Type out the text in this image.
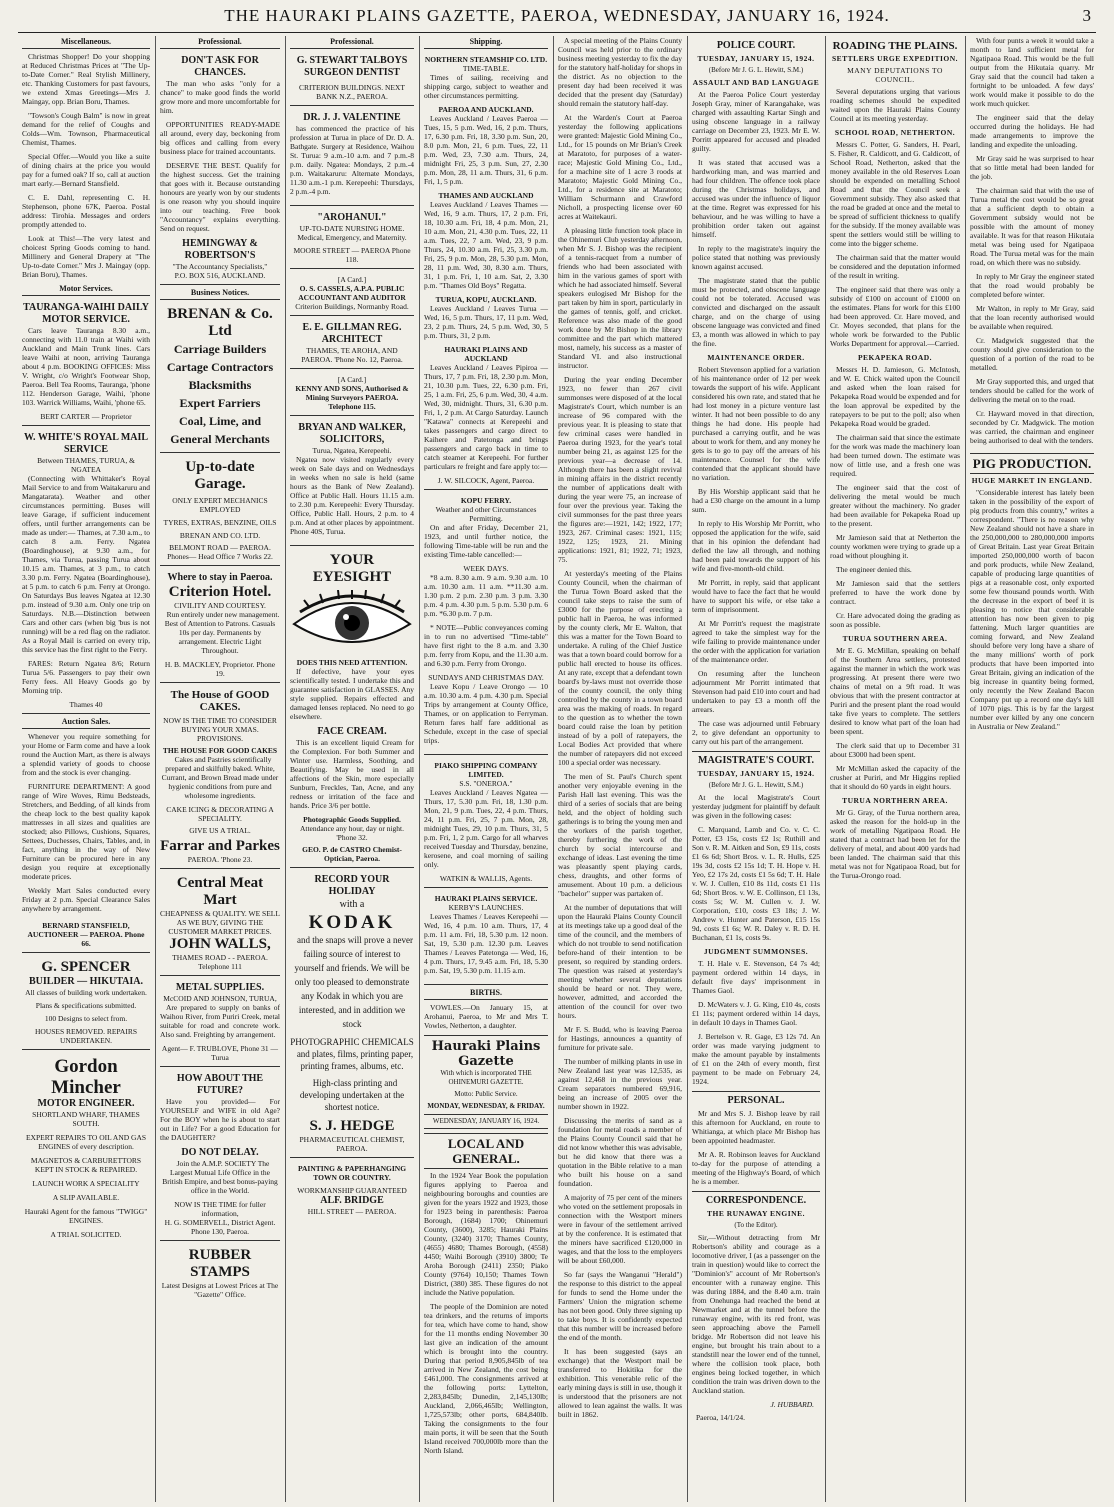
THE HAURAKI PLAINS GAZETTE, PAEROA, WEDNESDAY, JANUARY 16, 1924.	3
Miscellaneous.

Christmas Shopper! Do your shopping at Reduced Christmas Prices at "The Up-to-Date Corner." Real Stylish Millinery, etc. Thanking Customers for past favours, we extend Xmas Greetings—Mrs J. Maingay, opp. Brian Boru, Thames.

"Towson's Cough Balm" is now in great demand for the relief of Coughs and Colds—Wm. Townson, Pharmaceutical Chemist, Thames.

Special Offer.—Would you like a suite of dining chairs at the price you would pay for a fumed oak? If so, call at auction mart early.—Bernard Stansfield.

C. E. Dahl, representing C. H. Stephenson, phone 67K, Paeroa. Postal address: Tirohia. Messages and orders promptly attended to.

Look at This!—The very latest and choicest Spring Goods coming to hand. Millinery and General Drapery at "The Up-to-date Corner." Mrs J. Maingay (opp. Brian Boru), Thames.

Motor Services.
TAURANGA-WAIHI DAILY MOTOR SERVICE.

Cars leave Tauranga 8.30 a.m., connecting with 11.0 train at Waihi with Auckland and Main Trunk lines. Cars leave Waihi at noon, arriving Tauranga about 4 p.m. BOOKING OFFICES: Miss V. Wright, c/o Wright's Footwear Shop, Paeroa. Bell Tea Rooms, Tauranga, 'phone 112. Henderson Garage, Waihi, 'phone 103. Warrick Williams, Waihi, 'phone 65.

BERT CARTER — Proprietor
W. WHITE'S ROYAL MAIL SERVICE
Between THAMES, TURUA, & NGATEA

(Connecting with Whittaker's Royal Mail Service to and from Waitakaruru and Mangatarata). Weather and other circumstances permitting. Buses will leave Garage, if sufficient inducement offers, until further arrangements can be made as under:— Thames, at 7.30 a.m., to catch 8 a.m. Ferry. Ngatea (Boardinghouse), at 9.30 a.m., for Thames, via Turua, passing Turua about 10.15 a.m. Thames, at 3 p.m., to catch 3.30 p.m. Ferry. Ngatea (Boardinghouse), at 5 p.m. to catch 6 p.m. Ferry at Orongo. On Saturdays Bus leaves Ngatea at 12.30 p.m. instead of 9.30 a.m. Only one trip on Saturdays. N.B.—Distinction between Cars and other cars (when big 'bus is not running) will be a red flag on the radiator. As a Royal Mail is carried on every trip, this service has the first right to the Ferry.

FARES: Return Ngatea 8/6; Return Turua 5/6. Passengers to pay their own Ferry fees. All Heavy Goods go by Morning trip.

Thames 40
Auction Sales.

Whenever you require something for your Home or Farm come and have a look round the Auction Mart, as there is always a splendid variety of goods to choose from and the stock is ever changing.

FURNITURE DEPARTMENT: A good range of Wire Woves, Rimu Bedsteads, Stretchers, and Bedding, of all kinds from the cheap lock to the best quality kapok mattresses in all sizes and qualities are stocked; also Pillows, Cushions, Squares, Settees, Duchesses, Chairs, Tables, and, in fact, anything in the way of New Furniture can be procured here in any design you require at exceptionally moderate prices.

Weekly Mart Sales conducted every Friday at 2 p.m. Special Clearance Sales anywhere by arrangement.

BERNARD STANSFIELD, AUCTIONEER — PAEROA. Phone 66.
G. SPENCER
BUILDER — HIKUTAIA.
All classes of building work undertaken.
Plans & specifications submitted.
100 Designs to select from.
HOUSES REMOVED. REPAIRS UNDERTAKEN.
Gordon Mincher
MOTOR ENGINEER.
SHORTLAND WHARF, THAMES SOUTH.
EXPERT REPAIRS TO OIL AND GAS ENGINES of every description.
MAGNETOS & CARBURETTORS KEPT IN STOCK & REPAIRED.
LAUNCH WORK A SPECIALITY
A SLIP AVAILABLE.
Hauraki Agent for the famous "TWIGG" ENGINES.
A TRIAL SOLICITED.
Professional.
DON'T ASK FOR CHANCES.

The man who asks "only for a chance" to make good finds the world grow more and more uncomfortable for him.

OPPORTUNITIES READY-MADE all around, every day, beckoning from big offices and calling from every business place for trained accountants.

DESERVE THE BEST. Qualify for the highest success. Get the training that goes with it. Because outstanding honours are yearly won by our students is one reason why you should inquire into our teaching. Free book "Accountancy" explains everything. Send on request.

HEMINGWAY & ROBERTSON'S
"The Accountancy Specialists,"
P.O. BOX 516, AUCKLAND.
Business Notices.
BRENAN & Co. Ltd
Carriage Builders
Cartage Contractors
Blacksmiths
Expert Farriers
Coal, Lime, and
General Merchants
Up-to-date Garage.
ONLY EXPERT MECHANICS EMPLOYED
TYRES, EXTRAS, BENZINE, OILS
BRENAN AND CO. LTD.
BELMONT ROAD — PAEROA.
Phones— Head Office 7 Works 22.
Where to stay in Paeroa.
Criterion Hotel.
CIVILITY AND COURTESY.

Run entirely under new management. Best of Attention to Patrons. Casuals 10s per day. Permanents by arrangement. Electric Light Throughout.

H. B. MACKLEY, Proprietor. Phone 19.
The House of GOOD CAKES.
NOW IS THE TIME TO CONSIDER BUYING YOUR XMAS. PROVISIONS.
THE HOUSE FOR GOOD CAKES

Cakes and Pastries scientifically prepared and skilfully baked. White, Currant, and Brown Bread made under hygienic conditions from pure and wholesome ingredients.

CAKE ICING & DECORATING A SPECIALITY.
GIVE US A TRIAL.
Farrar and Parkes
PAEROA. 'Phone 23.
Central Meat Mart
CHEAPNESS & QUALITY. WE SELL AS WE BUY, GIVING THE CUSTOMER MARKET PRICES.
JOHN WALLS,
THAMES ROAD - - PAEROA. Telephone 111
METAL SUPPLIES.
McCOID AND JOHNSON, TURUA,

Are prepared to supply on banks of Waihou River, from Puriri Creek, metal suitable for road and concrete work. Also sand. Freighting by arrangement.

Agent— F. TRUBLOVE, Phone 31 — Turua
HOW ABOUT THE FUTURE?

Have you provided— For YOURSELF and WIFE in old Age? For the BOY when he is about to start out in Life? For a good Education for the DAUGHTER?

DO NOT DELAY.

Join the A.M.P. SOCIETY The Largest Mutual Life Office in the British Empire, and best bonus-paying office in the World.

NOW IS THE TIME for fuller information,
H. G. SOMERVELL, District Agent. Phone 130, Paeroa.
RUBBER STAMPS
Latest Designs at Lowest Prices at The "Gazette" Office.
Professional.
G. STEWART TALBOYS SURGEON DENTIST
CRITERION BUILDINGS. NEXT BANK N.Z., PAEROA.
DR. J. J. VALENTINE

has commenced the practice of his profession at Turua in place of Dr. D. A. Bathgate. Surgery at Residence, Waihou St. Turua: 9 a.m.-10 a.m. and 7 p.m.-8 p.m. daily. Ngatea: Mondays, 2 p.m.-4 p.m. Waitakaruru: Alternate Mondays, 11.30 a.m.-1 p.m. Kerepeehi: Thursdays, 2 p.m.-4 p.m.

"AROHANUI."
UP-TO-DATE NURSING HOME. Medical, Emergency, and Maternity.
MOORE STREET — PAEROA Phone 118.
[A Card.]
O. S. CASSELS, A.P.A. PUBLIC ACCOUNTANT AND AUDITOR
Criterion Buildings, Normanby Road.
E. E. GILLMAN REG. ARCHITECT
THAMES, TE AROHA, AND PAEROA. 'Phone No. 12, Paeroa.
[A Card.]
KENNY AND SONS, Authorised & Mining Surveyors PAEROA. Telephone 115.
BRYAN AND WALKER, SOLICITORS,
Turua, Ngatea, Kerepeehi.

Ngatea now visited regularly every week on Sale days and on Wednesdays in weeks when no sale is held (same hours as the Bank of New Zealand). Office at Public Hall. Hours 11.15 a.m. to 2.30 p.m. Kerepeehi: Every Thursday. Office, Public Hall. Hours, 2 p.m. to 4 p.m. And at other places by appointment. Phone 40S, Turua.

YOUR EYESIGHT
DOES THIS NEED ATTENTION.

If defective, have your eyes scientifically tested. I undertake this and guarantee satisfaction in GLASSES. Any style supplied. Repairs effected and damaged lenses replaced. No need to go elsewhere.

FACE CREAM.

This is an excellent liquid Cream for the Complexion. For both Summer and Winter use. Harmless, Soothing, and Beautifying. May be used in all affections of the Skin, more especially Sunburn, Freckles, Tan, Acne, and any redness or irritation of the face and hands. Price 3/6 per bottle.

Photographic Goods Supplied.
Attendance any hour, day or night. 'Phone 32.
GEO. P. de CASTRO Chemist-Optician, Paeroa.
RECORD YOUR HOLIDAY
with a
KODAK

and the snaps will prove a never failing source of interest to yourself and friends. We will be only too pleased to demonstrate any Kodak in which you are interested, and in addition we stock

PHOTOGRAPHIC CHEMICALS

and plates, films, printing paper, printing frames, albums, etc.

High-class printing and developing undertaken at the shortest notice.

S. J. HEDGE
PHARMACEUTICAL CHEMIST, PAEROA.
PAINTING & PAPERHANGING TOWN OR COUNTRY.
WORKMANSHIP GUARANTEED
ALF. BRIDGE
HILL STREET — PAEROA.
Shipping.
NORTHERN STEAMSHIP CO. LTD.
TIME-TABLE.

Times of sailing, receiving and shipping cargo, subject to weather and other circumstances permitting.

PAEROA AND AUCKLAND.

Leaves Auckland / Leaves Paeroa — Tues, 15, 5 p.m. Wed, 16, 2 p.m. Thurs, 17, 6.30 p.m. Fri, 18, 3.30 p.m. Sun, 20, 8.0 p.m. Mon, 21, 6 p.m. Tues, 22, 11 p.m. Wed, 23, 7.30 a.m. Thurs, 24, midnight Fri, 25, 3 p.m. Sun, 27, 2.30 p.m. Mon, 28, 11 a.m. Thurs, 31, 6 p.m. Fri, 1, 5 p.m.

THAMES AND AUCKLAND

Leaves Auckland / Leaves Thames — Wed, 16, 9 a.m. Thurs, 17, 2 p.m. Fri, 18, 10.30 a.m. Fri, 18, 4 p.m. Mon, 21, 10 a.m. Mon, 21, 4.30 p.m. Tues, 22, 11 a.m. Tues, 22, 7 a.m. Wed, 23, 9 p.m. Thurs, 24, 10.30 a.m. Fri, 25, 3.30 p.m. Fri, 25, 9 p.m. Mon, 28, 5.30 p.m. Mon, 28, 11 p.m. Wed, 30, 8.30 a.m. Thurs, 31, 1 p.m. Fri, 1, 10 a.m. Sat, 2, 3.30 p.m. "Thames Old Boys" Regatta.

TURUA, KOPU, AUCKLAND.

Leaves Auckland / Leaves Turua — Wed, 16, 5 p.m. Thurs, 17, 11 p.m. Wed, 23, 2 p.m. Thurs, 24, 5 p.m. Wed, 30, 5 p.m. Thurs, 31, 2 p.m.

HAURAKI PLAINS AND AUCKLAND

Leaves Auckland / Leaves Pipiroa — Thurs, 17, 7 p.m. Fri, 18, 2.30 p.m. Mon, 21, 10.30 p.m. Tues, 22, 6.30 p.m. Fri, 25, 1 a.m. Fri, 25, 6 p.m. Wed, 30, 4 a.m. Wed, 30, midnight. Thurs, 31, 6.30 p.m. Fri, 1, 2 p.m. At Cargo Saturday. Launch "Katawa" connects at Kerepeehi and takes passengers and cargo direct to Kaihere and Patetonga and brings passengers and cargo back in time to catch steamer at Kerepeehi. For further particulars re freight and fare apply to:—

J. W. SILCOCK, Agent, Paeroa.
KOPU FERRY.
Weather and other Circumstances Permitting.

On and after Friday, December 21, 1923, and until further notice, the following Time-table will be run and the existing Time-table cancelled:—

WEEK DAYS.

*8 a.m. 8.30 a.m. 9 a.m. 9.30 a.m. 10 a.m. 10.30 a.m. 11 a.m. **11.30 a.m. 1.30 p.m. 2 p.m. 2.30 p.m. 3 p.m. 3.30 p.m. 4 p.m. 4.30 p.m. 5 p.m. 5.30 p.m. 6 p.m. *6.30 p.m. 7 p.m.

* NOTE—Public conveyances coming in to run no advertised "Time-table" have first right to the 8 a.m. and 3.30 p.m. ferry from Kopu, and the 11.30 a.m. and 6.30 p.m. Ferry from Orongo.

SUNDAYS AND CHRISTMAS DAY.

Leave Kopu / Leave Orongo — 10 a.m. 10.30 a.m. 4 p.m. 4.30 p.m. Special Trips by arrangement at County Office, Thames, or on application to Ferryman. Return fares half fare additional as Schedule, except in the case of special trips.

PIAKO SHIPPING COMPANY LIMITED.
S.S. "ONEROA."

Leaves Auckland / Leaves Ngatea — Thurs, 17, 5.30 p.m. Fri, 18, 1.30 p.m. Mon, 21, 9 p.m. Tues, 22, 4 p.m. Thurs, 24, 11 p.m. Fri, 25, 7 p.m. Mon, 28, midnight Tues, 29, 10 p.m. Thurs, 31, 5 p.m. Fri, 1, 2 p.m. Cargo for all wharves received Tuesday and Thursday, benzine, kerosene, and coal morning of sailing only.

WATKIN & WALLIS, Agents.
HAURAKI PLAINS SERVICE.
KERBY'S LAUNCHES.

Leaves Thames / Leaves Kerepeehi — Wed, 16, 4 p.m. 10 a.m. Thurs, 17, 4 p.m. 11 a.m. Fri, 18, 5.30 p.m. 12 noon. Sat, 19, 5.30 p.m. 12.30 p.m. Leaves Thames / Leaves Patetonga — Wed, 16, 4 p.m. Thurs, 17, 9.45 a.m. Fri, 18, 5.30 p.m. Sat, 19, 5.30 p.m. 11.15 a.m.

BIRTHS.

VOWLES.—On January 15, at Arohanui, Paeroa, to Mr and Mrs T. Vowles, Netherton, a daughter.

Hauraki Plains Gazette
With which is incorporated THE OHINEMURI GAZETTE.
Motto: Public Service.
MONDAY, WEDNESDAY, & FRIDAY.
WEDNESDAY, JANUARY 16, 1924.
LOCAL AND GENERAL.

In the 1924 Year Book the population figures applying to Paeroa and neighbouring boroughs and counties are given for the years 1922 and 1923, those for 1923 being in parenthesis: Paeroa Borough, (1684) 1700; Ohinemuri County, (3600), 3285; Hauraki Plains County, (3240) 3170; Thames County, (4655) 4680; Thames Borough, (4558) 4450; Waihi Borough (3910) 3800; Te Aroha Borough (2411) 2350; Piako County (9764) 10,150; Thames Town District, (380) 385. These figures do not include the Native population.

The people of the Dominion are noted tea drinkers, and the returns of imports for tea, which have come to hand, show for the 11 months ending November 30 last give an indication of the amount which is brought into the country. During that period 8,905,845lb of tea arrived in New Zealand, the cost being £461,000. The consignments arrived at the following ports: Lyttelton, 2,283,845lb; Dunedin, 2,145,130lb; Auckland, 2,066,465lb; Wellington, 1,725,573lb; other ports, 684,840lb. Taking the consignments to the four main ports, it will be seen that the South Island received 700,000lb more than the North Island.

A special meeting of the Plains County Council was held prior to the ordinary business meeting yesterday to fix the day for the statutory half-holiday for shops in the district. As no objection to the present day had been received it was decided that the present day (Saturday) should remain the statutory half-day.

At the Warden's Court at Paeroa yesterday the following applications were granted: Majestic Gold Mining Co., Ltd., for 15 pounds on Mr Brian's Creek at Maratoto, for purposes of a water-race; Majestic Gold Mining Co., Ltd., for a machine site of 1 acre 3 roods at Maratoto; Majestic Gold Mining Co., Ltd., for a residence site at Maratoto; William Schurmann and Crawford Nicholl, a prospecting license over 60 acres at Waitekauri.

A pleasing little function took place in the Ohinemuri Club yesterday afternoon, when Mr S. J. Bishop was the recipient of a tennis-racquet from a number of friends who had been associated with him in the various games of sport with which he had associated himself. Several speakers eulogised Mr Bishop for the part taken by him in sport, particularly in the games of tennis, golf, and cricket. Reference was also made of the good work done by Mr Bishop in the library committee and the part which mattered most, namely, his success as a master of Standard VI. and also instructional instructor.

During the year ending December 1923, no fewer than 267 civil summonses were disposed of at the local Magistrate's Court, which number is an increase of 96 compared with the previous year. It is pleasing to state that few criminal cases were handled in Paeroa during 1923, for the year's total number being 21, as against 125 for the previous year—a decrease of 14. Although there has been a slight revival in mining affairs in the district recently the number of applications dealt with during the year were 75, an increase of four over the previous year. Taking the civil summonses for the past three years the figures are:—1921, 142; 1922, 177; 1923, 267. Criminal cases: 1921, 115; 1922, 125; 1923, 21. Mining applications: 1921, 81; 1922, 71; 1923, 75.

At yesterday's meeting of the Plains County Council, when the chairman of the Turua Town Board asked that the council take steps to raise the sum of £3000 for the purpose of erecting a public hall in Paeroa, he was informed by the county clerk, Mr E. Walton, that this was a matter for the Town Board to undertake. A ruling of the Chief Justice was that a town board could borrow for a public hall erected to house its offices. At any rate, except that a defendant town board's by-laws must not override those of the county council, the only thing controlled by the county in a town board area was the making of roads. In regard to the question as to whether the town board could raise the loan by petition instead of by a poll of ratepayers, the Local Bodies Act provided that where the number of ratepayers did not exceed 100 a special order was necessary.

The men of St. Paul's Church spent another very enjoyable evening in the Parish Hall last evening. This was the third of a series of socials that are being held, and the object of holding such gatherings is to bring the young men and the workers of the parish together, thereby furthering the work of the church by social intercourse and exchange of ideas. Last evening the time was pleasantly spent playing cards, chess, draughts, and other forms of amusement. About 10 p.m. a delicious "bachelor" supper was partaken of.

At the number of deputations that will upon the Hauraki Plains County Council at its meetings take up a good deal of the time of the council, and the members of which do not trouble to send notification before-hand of their intention to be present, so required by standing orders. The question was raised at yesterday's meeting whether several deputations should be heard or not. They were, however, admitted, and accorded the attention of the council for over two hours.

Mr F. S. Budd, who is leaving Paeroa for Hastings, announces a quantity of furniture for private sale.

The number of milking plants in use in New Zealand last year was 12,535, as against 12,468 in the previous year. Cream separators numbered 69,916, being an increase of 2005 over the number shown in 1922.

Discussing the merits of sand as a foundation for metal roads a member of the Plains County Council said that he did not know whether this was advisable, but he did know that there was a quotation in the Bible relative to a man who built his house on a sand foundation.

A majority of 75 per cent of the miners who voted on the settlement proposals in connection with the Westport miners were in favour of the settlement arrived at by the conference. It is estimated that the miners have sacrificed £120,000 in wages, and that the loss to the employers will be about £60,000.

So far (says the Wanganui "Herald") the response to this district to the appeal for funds to send the Home under the Farmers' Union the migration scheme has not been good. Only three signing up to take boys. It is confidently expected that this number will be increased before the end of the month.

It has been suggested (says an exchange) that the Westport mail be transferred to Hokitika for the exhibition. This venerable relic of the early mining days is still in use, though it is understood that the prisoners are not allowed to lean against the walls. It was built in 1862.

POLICE COURT.
TUESDAY, JANUARY 15, 1924.
(Before Mr J. G. L. Hewitt, S.M.)
ASSAULT AND BAD LANGUAGE

At the Paeroa Police Court yesterday Joseph Gray, miner of Karangahake, was charged with assaulting Kartar Singh and using obscene language in a railway carriage on December 23, 1923. Mr E. W. Porritt appeared for accused and pleaded guilty.

It was stated that accused was a hardworking man, and was married and had four children. The offence took place during the Christmas holidays, and accused was under the influence of liquor at the time. Regret was expressed for his behaviour, and he was willing to have a prohibition order taken out against himself.

In reply to the magistrate's inquiry the police stated that nothing was previously known against accused.

The magistrate stated that the public must be protected, and obscene language could not be tolerated. Accused was convicted and discharged on the assault charge, and on the charge of using obscene language was convicted and fined £3, a month was allowed in which to pay the fine.

MAINTENANCE ORDER.

Robert Stevenson applied for a variation of his maintenance order of 12 per week towards the support of his wife. Applicant considered his own rate, and stated that he had lost money in a picture venture last winter. It had not been possible to do any things he had done. His people had purchased a carrying outfit, and he was about to work for them, and any money he gets is to go to pay off the arrears of his maintenance. Counsel for the wife contended that the applicant should have no variation.

By His Worship applicant said that he had a £30 charge on the amount in a lump sum.

In reply to His Worship Mr Porritt, who opposed the application for the wife, said that in his opinion the defendant had defied the law all through, and nothing had been paid towards the support of his wife and five-month-old child.

Mr Porritt, in reply, said that applicant would have to face the fact that he would have to support his wife, or else take a term of imprisonment.

At Mr Porritt's request the magistrate agreed to take the simplest way for the wife failing to provide maintenance under the order with the application for variation of the maintenance order.

On resuming after the luncheon adjournment Mr Porritt intimated that Stevenson had paid £10 into court and had undertaken to pay £3 a month off the arrears.

The case was adjourned until February 2, to give defendant an opportunity to carry out his part of the arrangement.

MAGISTRATE'S COURT.
TUESDAY, JANUARY 15, 1924.
(Before Mr J. G. L. Hewitt, S.M.)

At the local Magistrate's Court yesterday judgment for plaintiff by default was given in the following cases:

C. Marquand, Lamb and Co. v. C. C. Potter, £3 15s, costs £2 1s; Ruthill and Son v. R. M. Aitken and Son, £9 11s, costs £1 6s 6d; Short Bros. v. L. R. Hulls, £25 19s 3d, costs £2 15s 1d; T. H. Hope v. H. Yeo, £2 17s 2d, costs £1 5s 6d; T. H. Hale v. W. J. Cullen, £10 8s 11d, costs £1 11s 6d; Short Bros. v. W. E. Collinson, £1 13s, costs 5s; W. M. Cullen v. J. W. Corporation, £10, costs £3 18s; J. W. Andrew v. Hunter and Paterson, £15 15s 9d, costs £1 6s; W. R. Daley v. R. D. H. Buchanan, £1 1s, costs 9s.

JUDGMENT SUMMONSES.

T. H. Hale v. E. Stevenson, £4 7s 4d; payment ordered within 14 days, in default five days' imprisonment in Thames Gaol.

D. McWaters v. J. G. King, £10 4s, costs £1 11s; payment ordered within 14 days, in default 10 days in Thames Gaol.

J. Bertelson v. R. Gage, £3 12s 7d. An order was made varying judgment to make the amount payable by instalments of £1 on the 24th of every month, first payment to be made on February 24, 1924.

PERSONAL.

Mr and Mrs S. J. Bishop leave by rail this afternoon for Auckland, en route to Whitianga, at which place Mr Bishop has been appointed headmaster.

Mr A. R. Robinson leaves for Auckland to-day for the purpose of attending a meeting of the Highway's Board, of which he is a member.

CORRESPONDENCE.
THE RUNAWAY ENGINE.
(To the Editor).

Sir,—Without detracting from Mr Robertson's ability and courage as a locomotive driver, I (as a passenger on the train in question) would like to correct the "Dominion's" account of Mr Robertson's encounter with a runaway engine. This was during 1884, and the 8.40 a.m. train from Onehunga had reached the bend at Newmarket and at the tunnel before the runaway engine, with its red front, was seen approaching above the Parnell bridge. Mr Robertson did not leave his engine, but brought his train about to a standstill near the lower end of the tunnel, where the collision took place, both engines being locked together, in which condition the train was driven down to the Auckland station.

J. HUBBARD.
Paeroa, 14/1/24.
ROADING THE PLAINS.
SETTLERS URGE EXPEDITION.
MANY DEPUTATIONS TO COUNCIL.

Several deputations urging that various roading schemes should be expedited waited upon the Hauraki Plains County Council at its meeting yesterday.

SCHOOL ROAD, NETHERTON.

Messrs C. Potter, G. Sanders, H. Pearl, S. Fisher, R. Caldicott, and G. Caldicott, of School Road, Netherton, asked that the money available in the old Reserves Loan should be expended on metalling School Road and that the Council seek a Government subsidy. They also asked that the road be graded at once and the metal to be spread of sufficient thickness to qualify for the subsidy. If the money available was spent the settlers would still be willing to come into the bigger scheme.

The chairman said that the matter would be considered and the deputation informed of the result in writing.

The engineer said that there was only a subsidy of £100 on account of £1000 on the estimates. Plans for work for this £100 had been approved. Cr. Hare moved, and Cr. Moyes seconded, that plans for the whole work be forwarded to the Public Works Department for approval.—Carried.

PEKAPEKA ROAD.

Messrs H. D. Jamieson, G. McIntosh, and W. E. Chick waited upon the Council and asked when the loan raised for Pekapeka Road would be expended and for the loan approval be expedited by the ratepayers to be put to the poll; also when Pekapeka Road would be graded.

The chairman said that since the estimate for the work was made the machinery loan had been turned down. The estimate was now of little use, and a fresh one was required.

The engineer said that the cost of delivering the metal would be much greater without the machinery. No grader had been available for Pekapeka Road up to the present.

Mr Jamieson said that at Netherton the county workmen were trying to grade up a road without ploughing it.

The engineer denied this.

Mr Jamieson said that the settlers preferred to have the work done by contract.

Cr. Hare advocated doing the grading as soon as possible.

TURUA SOUTHERN AREA.

Mr E. G. McMillan, speaking on behalf of the Southern Area settlers, protested against the manner in which the work was progressing. At present there were two chains of metal on a 9ft road. It was obvious that with the present contractor at Puriri and the present plant the road would take five years to complete. The settlers desired to know what part of the loan had been spent.

The clerk said that up to December 31 about £3000 had been spent.

Mr McMillan asked the capacity of the crusher at Puriri, and Mr Higgins replied that it should do 60 yards in eight hours.

TURUA NORTHERN AREA.

Mr G. Gray, of the Turua northern area, asked the reason for the hold-up in the work of metalling Ngatipaoa Road. He stated that a contract had been let for the delivery of metal, and about 400 yards had been landed. The chairman said that this metal was not for Ngatipaoa Road, but for the Turua-Orongo road.

With four punts a week it would take a month to land sufficient metal for Ngatipaoa Road. This would be the full output from the Hikutaia quarry. Mr Gray said that the council had taken a fortnight to be unloaded. A few days' work would make it possible to do the work much quicker.

The engineer said that the delay occurred during the holidays. He had made arrangements to improve the landing and expedite the unloading.

Mr Gray said he was surprised to hear that so little metal had been landed for the job.

The chairman said that with the use of Turua metal the cost would be so great that a sufficient depth to obtain a Government subsidy would not be possible with the amount of money available. It was for that reason Hikutaia metal was being used for Ngatipaoa Road. The Turua metal was for the main road, on which there was no subsidy.

In reply to Mr Gray the engineer stated that the road would probably be completed before winter.

Mr Walton, in reply to Mr Gray, said that the loan recently authorised would be available when required.

Cr. Madgwick suggested that the county should give consideration to the question of a portion of the road to be metalled.

Mr Gray supported this, and urged that tenders should be called for the work of delivering the metal on to the road.

Cr. Hayward moved in that direction, seconded by Cr. Madgwick. The motion was carried, the chairman and engineer being authorised to deal with the tenders.

PIG PRODUCTION.
HUGE MARKET IN ENGLAND.

"Considerable interest has lately been taken in the possibility of the export of pig products from this country," writes a correspondent. "There is no reason why New Zealand should not have a share in the 250,000,000 to 280,000,000 imports of Great Britain. Last year Great Britain imported 250,000,000 worth of bacon and pork products, while New Zealand, capable of producing large quantities of pigs at a reasonable cost, only exported some few thousand pounds worth. With the decrease in the export of beef it is pleasing to notice that considerable attention has now been given to pig fattening. Much larger quantities are coming forward, and New Zealand should before very long have a share of the many millions' worth of pork products that have been imported into Great Britain, giving an indication of the big increase in quantity being formed, only recently the New Zealand Bacon Company put up a record one day's kill of 1070 pigs. This is by far the largest number ever killed by any one concern in Australia or New Zealand."
